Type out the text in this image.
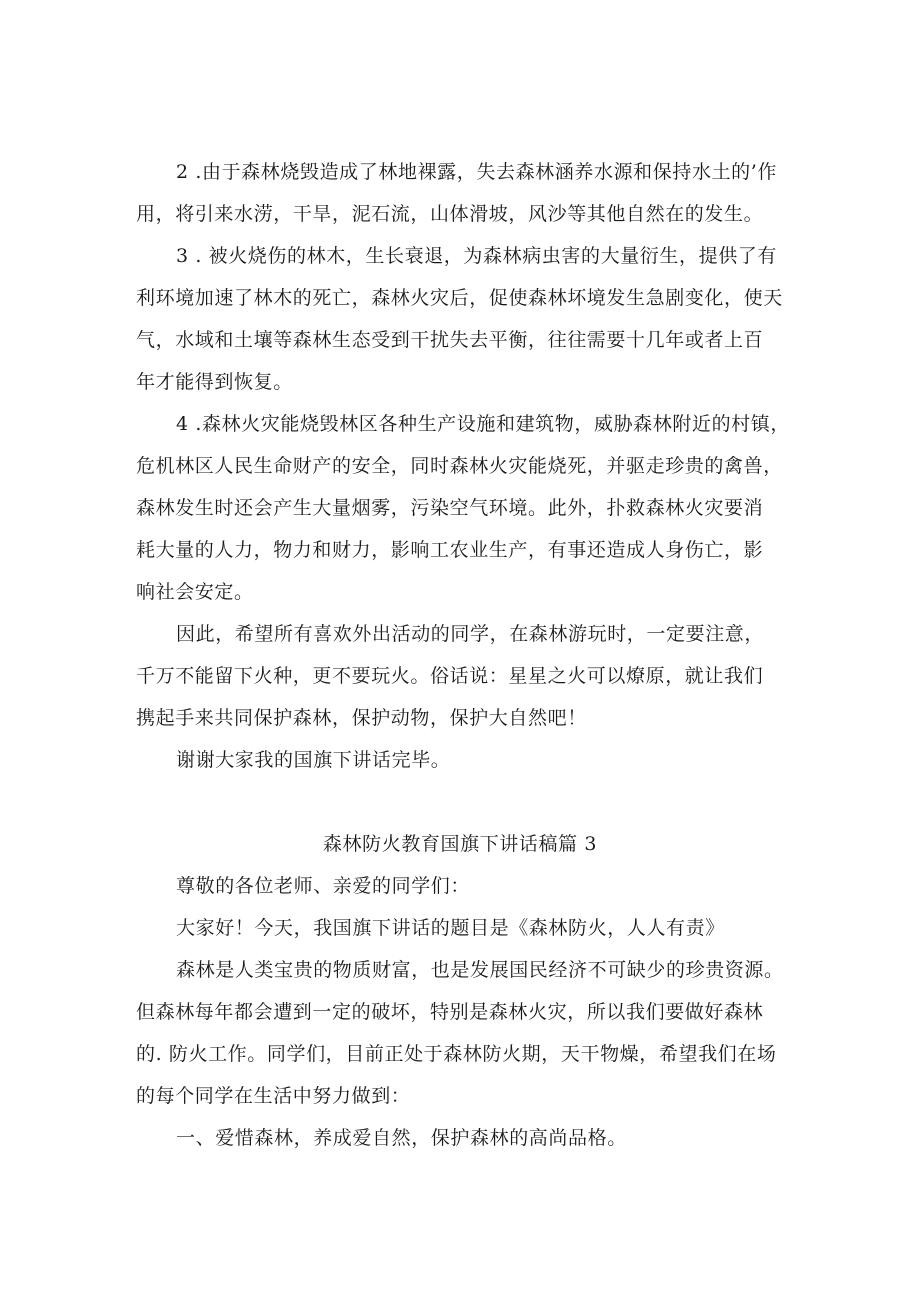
2 .由于森林烧毁造成了林地裸露，失去森林涵养水源和保持水土的’作
用，将引来水涝，干旱，泥石流，山体滑坡，风沙等其他自然在的发生。
3 . 被火烧伤的林木，生长衰退，为森林病虫害的大量衍生，提供了有
利环境加速了林木的死亡，森林火灾后，促使森林坏境发生急剧变化，使天
气，水域和土壤等森林生态受到干扰失去平衡，往往需要十几年或者上百
年才能得到恢复。
4 .森林火灾能烧毁林区各种生产设施和建筑物，威胁森林附近的村镇，
危机林区人民生命财产的安全，同时森林火灾能烧死，并驱走珍贵的禽兽，
森林发生时还会产生大量烟雾，污染空气环境。此外，扑救森林火灾要消
耗大量的人力，物力和财力，影响工农业生产，有事还造成人身伤亡，影
响社会安定。
因此，希望所有喜欢外出活动的同学，在森林游玩时，一定要注意，
千万不能留下火种，更不要玩火。俗话说：星星之火可以燎原，就让我们
携起手来共同保护森林，保护动物，保护大自然吧！
谢谢大家我的国旗下讲话完毕。
森林防火教育国旗下讲话稿篇 3
尊敬的各位老师、亲爱的同学们：
大家好！今天，我国旗下讲话的题目是《森林防火，人人有责》
森林是人类宝贵的物质财富，也是发展国民经济不可缺少的珍贵资源。
但森林每年都会遭到一定的破坏，特别是森林火灾，所以我们要做好森林
的. 防火工作。同学们，目前正处于森林防火期，天干物燥，希望我们在场
的每个同学在生活中努力做到：
一、爱惜森林，养成爱自然，保护森林的高尚品格。
